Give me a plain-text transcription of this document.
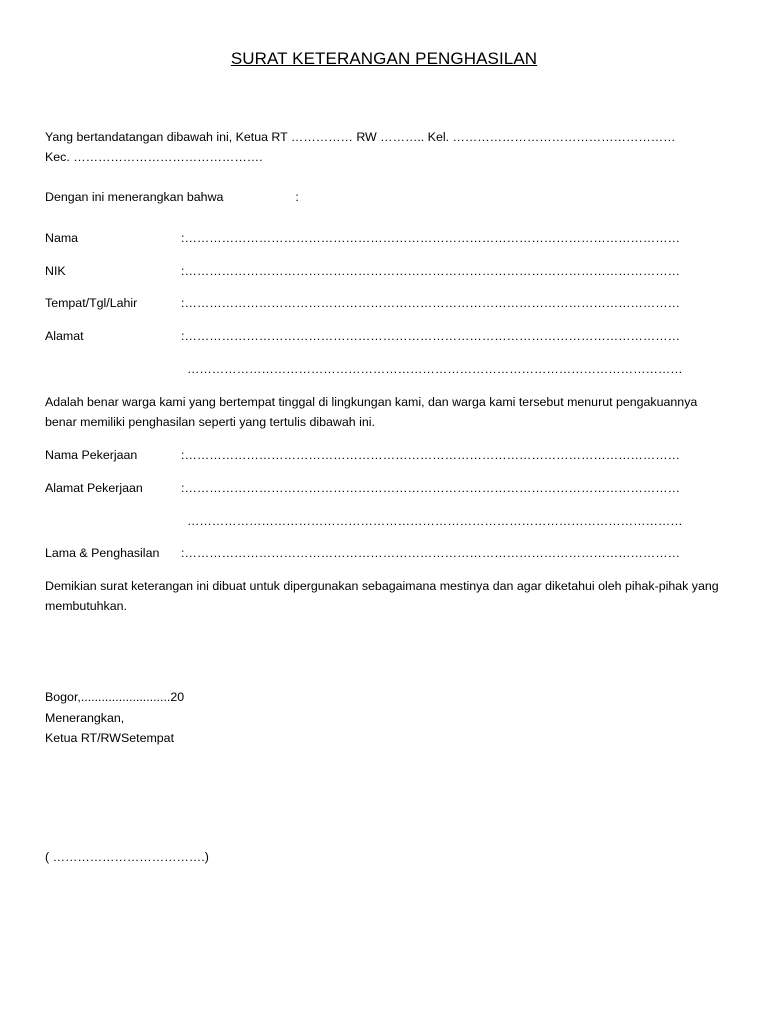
SURAT KETERANGAN PENGHASILAN
Yang bertandatangan dibawah ini, Ketua RT …………… RW ……….. Kel. ………………………………………………
Kec. ……………………………………….
Dengan ini menerangkan bahwa	:
Nama	:…………………………………………………………………………………………………………
NIK	:…………………………………………………………………………………………………………
Tempat/Tgl/Lahir	:…………………………………………………………………………………………………………
Alamat	:…………………………………………………………………………………………………………
…………………………………………………………………………………………………………
Adalah benar warga kami yang bertempat tinggal di lingkungan kami, dan warga kami tersebut menurut pengakuannya benar memiliki penghasilan seperti yang tertulis dibawah ini.
Nama Pekerjaan	:…………………………………………………………………………………………………………
Alamat Pekerjaan	:…………………………………………………………………………………………………………
…………………………………………………………………………………………………………
Lama & Penghasilan :…………………………………………………………………………………………………………
Demikian surat keterangan ini dibuat untuk dipergunakan sebagaimana mestinya dan agar diketahui oleh pihak-pihak yang membutuhkan.
Bogor,..........................20
Menerangkan,
Ketua RT/RWSetempat
( ……………………………….)
